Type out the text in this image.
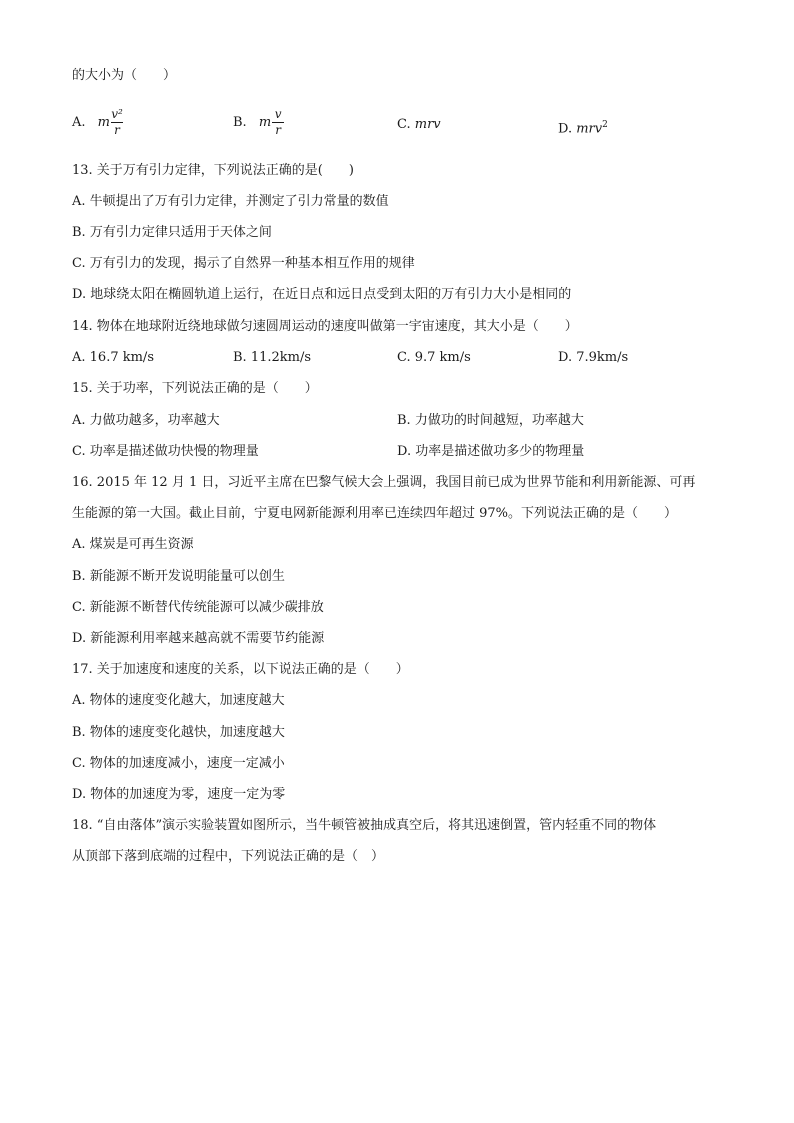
的大小为（　　）
A. m $\frac{\text{v²}}{r}$	B. m $\frac{v}{r}$	C. mrv	D. mrv$^2$
13. 关于万有引力定律，下列说法正确的是(　　)
A. 牛顿提出了万有引力定律，并测定了引力常量的数值
B. 万有引力定律只适用于天体之间
C. 万有引力的发现，揭示了自然界一种基本相互作用的规律
D. 地球绕太阳在椭圆轨道上运行，在近日点和远日点受到太阳的万有引力大小是相同的
14. 物体在地球附近绕地球做匀速圆周运动的速度叫做第一宇宙速度，其大小是（　　）
A. 16.7 km/s	B. 11.2km/s	C. 9.7 km/s	D. 7.9km/s
15. 关于功率，下列说法正确的是（　　）
A. 力做功越多，功率越大	B. 力做功的时间越短，功率越大
C. 功率是描述做功快慢的物理量	D. 功率是描述做功多少的物理量
16. 2015 年 12 月 1 日，习近平主席在巴黎气候大会上强调，我国目前已成为世界节能和利用新能源、可再
生能源的第一大国。截止目前，宁夏电网新能源利用率已连续四年超过 97%。下列说法正确的是（　　）
A. 煤炭是可再生资源
B. 新能源不断开发说明能量可以创生
C. 新能源不断替代传统能源可以减少碳排放
D. 新能源利用率越来越高就不需要节约能源
17. 关于加速度和速度的关系，以下说法正确的是（　　）
A. 物体的速度变化越大，加速度越大
B. 物体的速度变化越快，加速度越大
C. 物体的加速度减小，速度一定减小
D. 物体的加速度为零，速度一定为零
18. “自由落体”演示实验装置如图所示，当牛顿管被抽成真空后，将其迅速倒置，管内轻重不同的物体
从顶部下落到底端的过程中，下列说法正确的是（　）
